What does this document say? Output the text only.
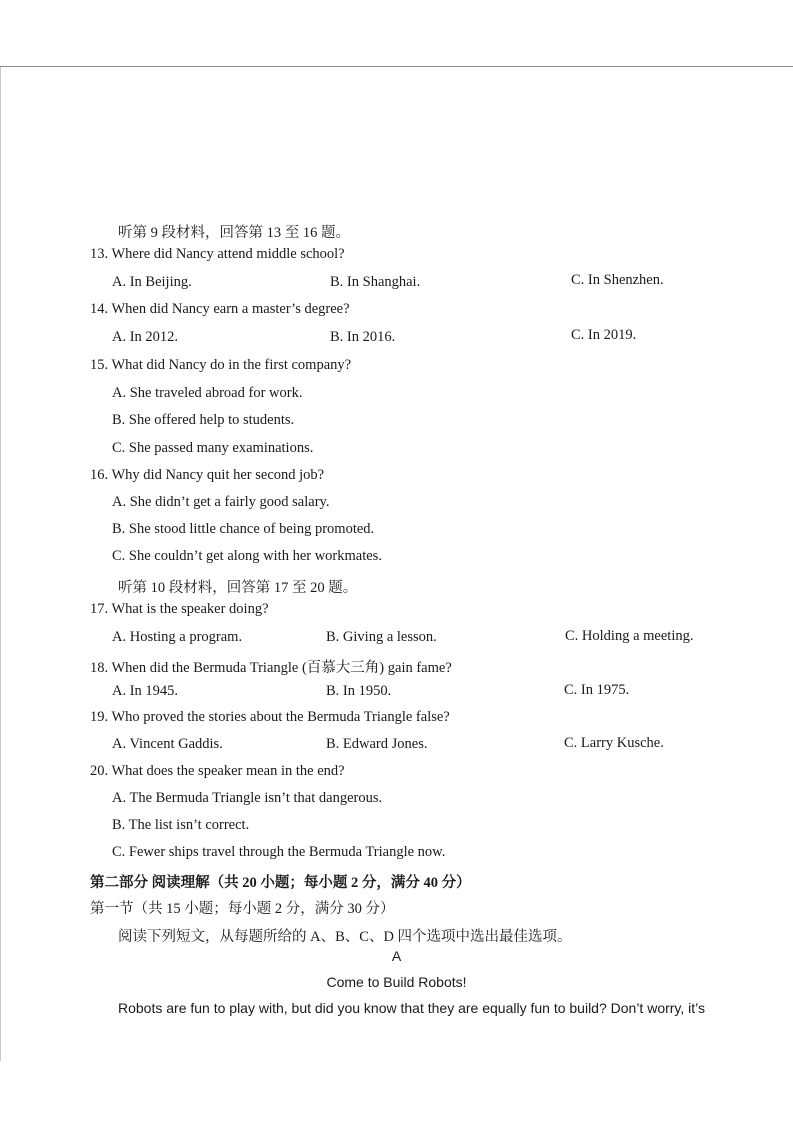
听第 9 段材料，回答第 13 至 16 题。
13. Where did Nancy attend middle school?
A. In Beijing.	B. In Shanghai.	C. In Shenzhen.
14. When did Nancy earn a master’s degree?
A. In 2012.	B. In 2016.	C. In 2019.
15. What did Nancy do in the first company?
A. She traveled abroad for work.
B. She offered help to students.
C. She passed many examinations.
16. Why did Nancy quit her second job?
A. She didn’t get a fairly good salary.
B. She stood little chance of being promoted.
C. She couldn’t get along with her workmates.
听第 10 段材料，回答第 17 至 20 题。
17. What is the speaker doing?
A. Hosting a program.	B. Giving a lesson.	C. Holding a meeting.
18. When did the Bermuda Triangle (百慕大三角) gain fame?
A. In 1945.	B. In 1950.	C. In 1975.
19. Who proved the stories about the Bermuda Triangle false?
A. Vincent Gaddis.	B. Edward Jones.	C. Larry Kusche.
20. What does the speaker mean in the end?
A. The Bermuda Triangle isn’t that dangerous.
B. The list isn’t correct.
C. Fewer ships travel through the Bermuda Triangle now.
第二部分 阅读理解（共 20 小题；每小题 2 分，满分 40 分）
第一节（共 15 小题；每小题 2 分，满分 30 分）
阅读下列短文，从每题所给的 A、B、C、D 四个选项中选出最佳选项。
A
Come to Build Robots!
Robots are fun to play with, but did you know that they are equally fun to build? Don’t worry, it’s
